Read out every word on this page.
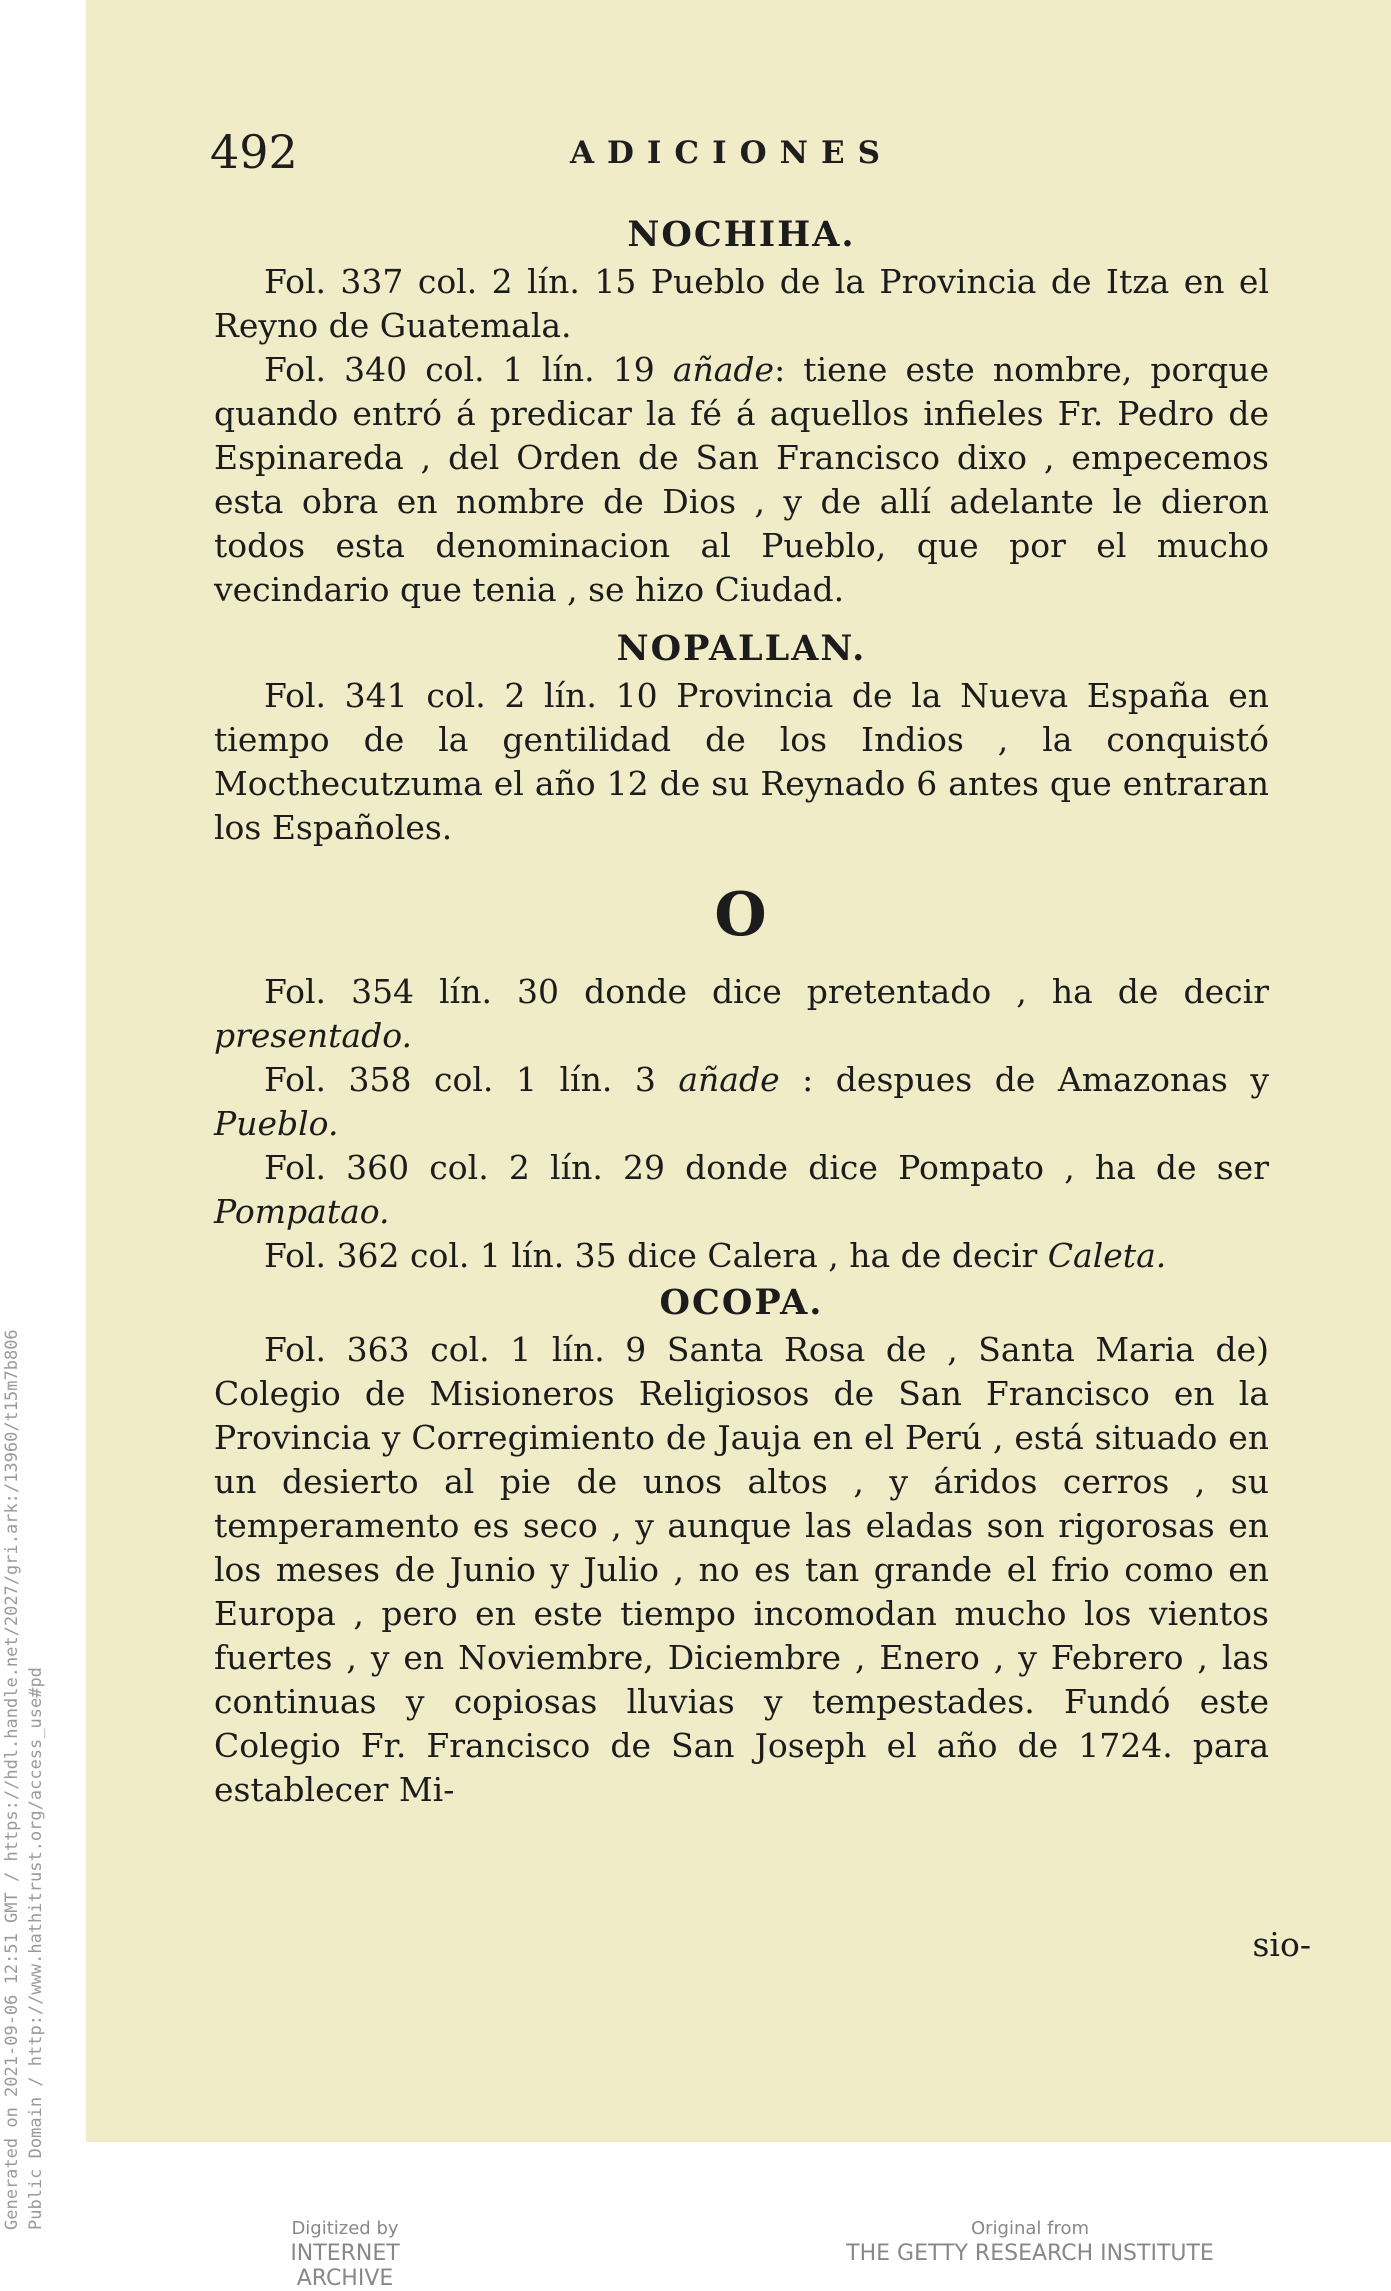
Generated on 2021-09-06 12:51 GMT / https://hdl.handle.net/2027/gri.ark:/13960/t15m7b806 Public Domain / http://www.hathitrust.org/access_use#pd
492	ADICIONES
NOCHIHA.

Fol. 337 col. 2 lín. 15 Pueblo de la Provincia de Itza en el Reyno de Guatemala.

Fol. 340 col. 1 lín. 19 añade: tiene este nombre, porque quando entró á predicar la fé á aquellos infieles Fr. Pedro de Espinareda , del Orden de San Francisco dixo , empecemos esta obra en nombre de Dios , y de allí adelante le dieron todos esta denominacion al Pueblo, que por el mucho vecindario que tenia , se hizo Ciudad.

NOPALLAN.

Fol. 341 col. 2 lín. 10 Provincia de la Nueva España en tiempo de la gentilidad de los Indios , la conquistó Mocthecutzuma el año 12 de su Reynado 6 antes que entraran los Españoles.

O

Fol. 354 lín. 30 donde dice pretentado , ha de decir presentado.

Fol. 358 col. 1 lín. 3 añade : despues de Amazonas y Pueblo.

Fol. 360 col. 2 lín. 29 donde dice Pompato , ha de ser Pompatao.

Fol. 362 col. 1 lín. 35 dice Calera , ha de decir Caleta.

OCOPA.

Fol. 363 col. 1 lín. 9 Santa Rosa de , Santa Maria de) Colegio de Misioneros Religiosos de San Francisco en la Provincia y Corregimiento de Jauja en el Perú , está situado en un desierto al pie de unos altos , y áridos cerros , su temperamento es seco , y aunque las eladas son rigorosas en los meses de Junio y Julio , no es tan grande el frio como en Europa , pero en este tiempo incomodan mucho los vientos fuertes , y en Noviembre, Diciembre , Enero , y Febrero , las continuas y copiosas lluvias y tempestades. Fundó este Colegio Fr. Francisco de San Joseph el año de 1724. para establecer Mi-

sio-
Digitized by
INTERNET ARCHIVE
Original from
THE GETTY RESEARCH INSTITUTE
